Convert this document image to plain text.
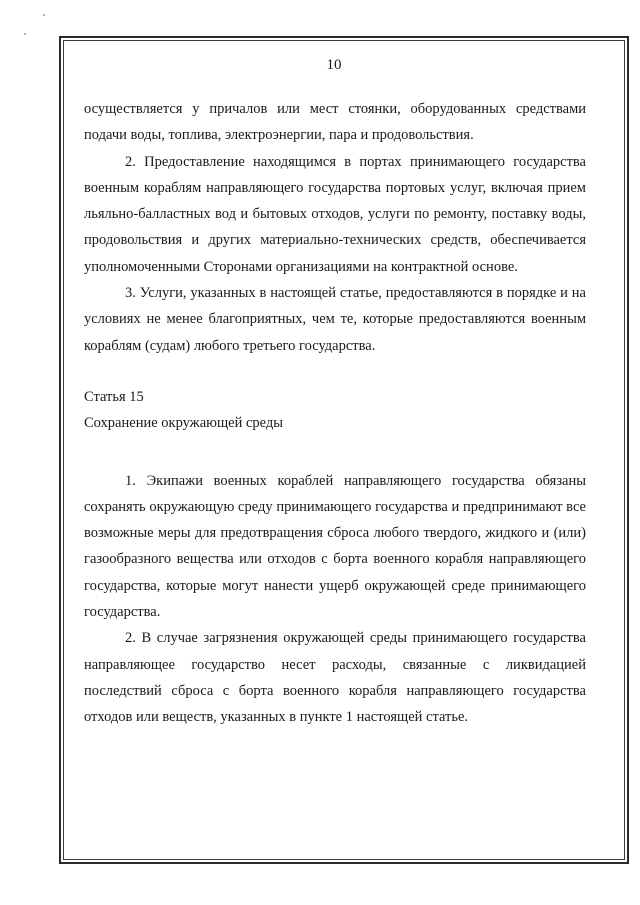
10

осуществляется у причалов или мест стоянки, оборудованных средствами подачи воды, топлива, электроэнергии, пара и продовольствия.

2. Предоставление находящимся в портах принимающего государства военным кораблям направляющего государства портовых услуг, включая прием льяльно-балластных вод и бытовых отходов, услуги по ремонту, поставку воды, продовольствия и других материально-технических средств, обеспечивается уполномоченными Сторонами организациями на контрактной основе.

3. Услуги, указанных в настоящей статье, предоставляются в порядке и на условиях не менее благоприятных, чем те, которые предоставляются военным кораблям (судам) любого третьего государства.

Статья 15

Сохранение окружающей среды

1. Экипажи военных кораблей направляющего государства обязаны сохранять окружающую среду принимающего государства и предпринимают все возможные меры для предотвращения сброса любого твердого, жидкого и (или) газообразного вещества или отходов с борта военного корабля направляющего государства, которые могут нанести ущерб окружающей среде принимающего государства.

2. В случае загрязнения окружающей среды принимающего государства направляющее государство несет расходы, связанные с ликвидацией последствий сброса с борта военного корабля направляющего государства отходов или веществ, указанных в пункте 1 настоящей статье.
